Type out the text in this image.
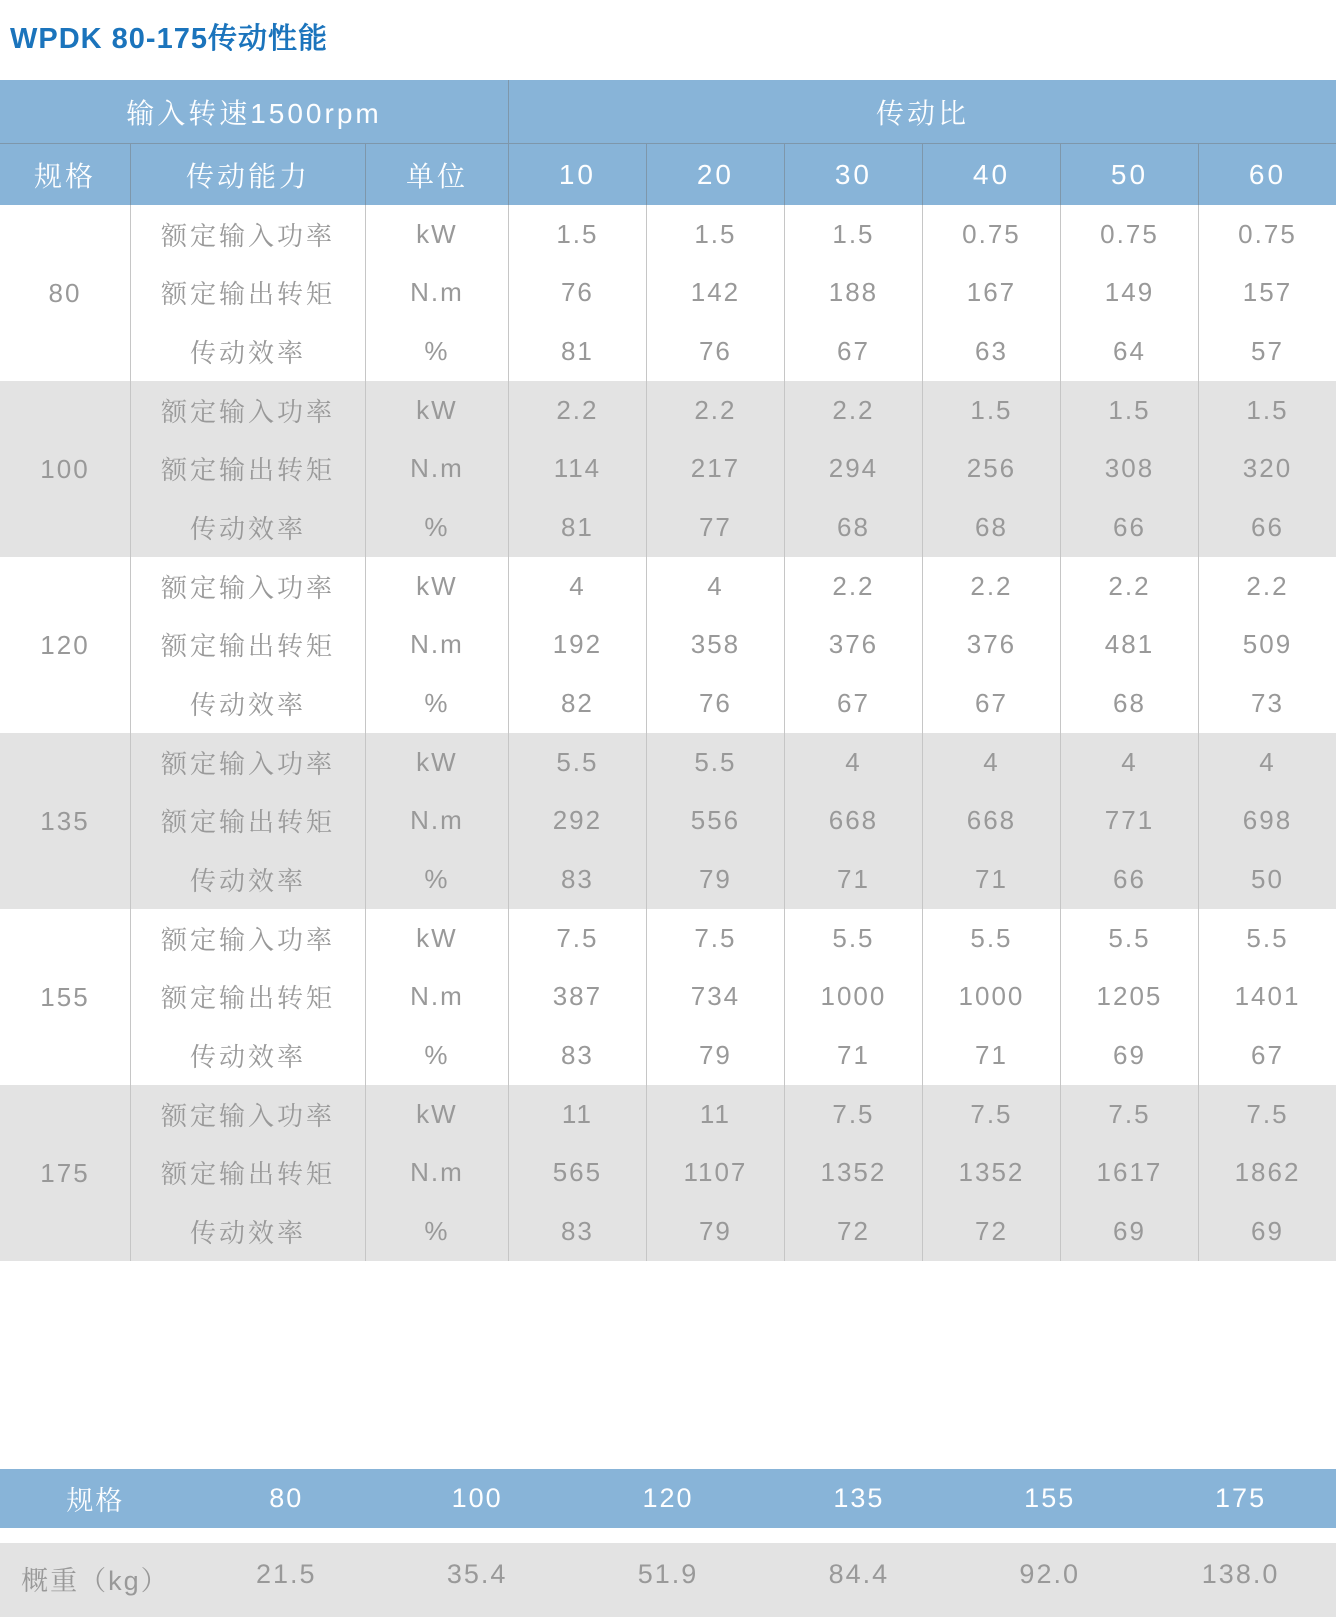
WPDK 80-175传动性能
输入转速1500rpm	传动比
规格	传动能力	单位	10	20	30	40	50	60
80
额定输入功率	kW	1.5	1.5	1.5	0.75	0.75	0.75
额定输出转矩	N.m	76	142	188	167	149	157
传动效率	%	81	76	67	63	64	57
100
额定输入功率	kW	2.2	2.2	2.2	1.5	1.5	1.5
额定输出转矩	N.m	114	217	294	256	308	320
传动效率	%	81	77	68	68	66	66
120
额定输入功率	kW	4	4	2.2	2.2	2.2	2.2
额定输出转矩	N.m	192	358	376	376	481	509
传动效率	%	82	76	67	67	68	73
135
额定输入功率	kW	5.5	5.5	4	4	4	4
额定输出转矩	N.m	292	556	668	668	771	698
传动效率	%	83	79	71	71	66	50
155
额定输入功率	kW	7.5	7.5	5.5	5.5	5.5	5.5
额定输出转矩	N.m	387	734	1000	1000	1205	1401
传动效率	%	83	79	71	71	69	67
175
额定输入功率	kW	11	11	7.5	7.5	7.5	7.5
额定输出转矩	N.m	565	1107	1352	1352	1617	1862
传动效率	%	83	79	72	72	69	69
规格	80	100	120	135	155	175
概重（kg）	21.5	35.4	51.9	84.4	92.0	138.0
